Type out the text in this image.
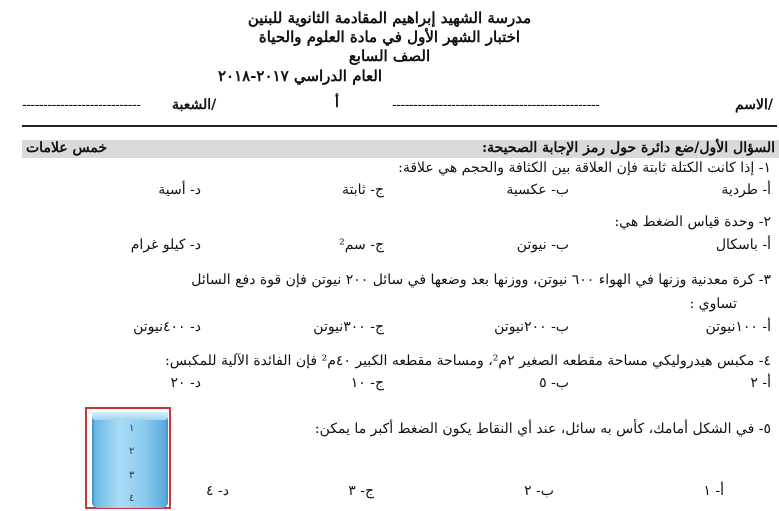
مدرسة الشهيد إبراهيم المقادمة الثانوية للبنين
اختبار الشهر الأول في مادة العلوم والحياة
الصف السابع
العام الدراسي ٢٠١٧-٢٠١٨
الاسم/
-------------------------------------------------
أ
الشعبة/
----------------------------
السؤال الأول/ضع دائرة حول رمز الإجابة الصحيحة:
خمس علامات
١- إذا كانت الكتلة ثابتة فإن العلاقة بين الكثافة والحجم هي علاقة:
أ- طردية
ب- عكسية
ج- ثابتة
د- أسية
٢- وحدة قياس الضغط هي:
أ- باسكال
ب- نيوتن
ج- سم²
د- كيلو غرام
٣- كرة معدنية وزنها في الهواء ٦٠٠ نيوتن، ووزنها بعد وضعها في سائل ٢٠٠ نيوتن فإن قوة دفع السائل
تساوي :
أ- ١٠٠نيوتن
ب- ٢٠٠نيوتن
ج- ٣٠٠نيوتن
د- ٤٠٠نيوتن
٤- مكبس هيدروليكي مساحة مقطعه الصغير ٢م²، ومساحة مقطعه الكبير ٤٠م² فإن الفائدة الآلية للمكبس:
أ- ٢
ب- ٥
ج- ١٠
د- ٢٠
٥- في الشكل أمامك، كأس به سائل، عند أي النقاط يكون الضغط أكبر ما يمكن:
أ- ١
ب- ٢
ج- ٣
د- ٤
١
٢
٣
٤
